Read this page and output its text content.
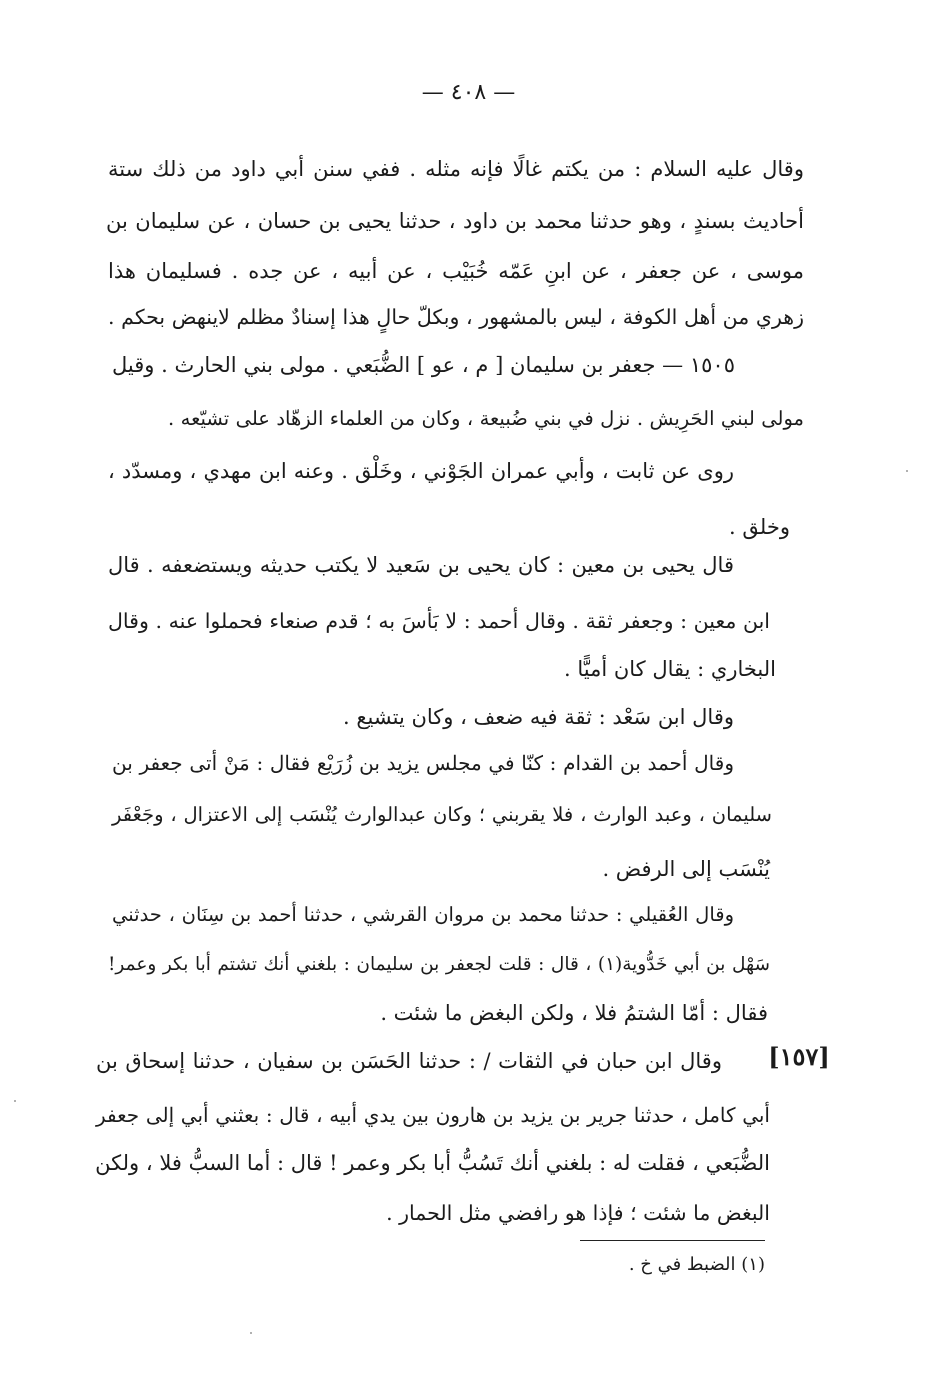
— ٤٠٨ —
وقال عليه السلام : من يكتم غالًا فإنه مثله . ففي سنن أبي داود من ذلك ستة
أحاديث بسندٍ ، وهو حدثنا محمد بن داود ، حدثنا يحيى بن حسان ، عن سليمان بن
موسى ، عن جعفر ، عن ابنِ عَمّه خُبَيْب ، عن أبيه ، عن جده . فسليمان هذا
زهري من أهل الكوفة ، ليس بالمشهور ، وبكلّ حالٍ هذا إسنادٌ مظلم لاينهض بحكم .
١٥٠٥ — جعفر بن سليمان [ م ، عو ] الضُّبَعي . مولى بني الحارث . وقيل
مولى لبني الحَرِيش . نزل في بني ضُبيعة ، وكان من العلماء الزهّاد على تشيّعه .
روى عن ثابت ، وأبي عمران الجَوْني ، وخَلْق . وعنه ابن مهدي ، ومسدّد ،
وخلق .
قال يحيى بن معين : كان يحيى بن سَعيد لا يكتب حديثه ويستضعفه . قال
ابن معين : وجعفر ثقة . وقال أحمد : لا بَأسَ به ؛ قدم صنعاء فحملوا عنه . وقال
البخاري : يقال كان أميًّا .
وقال ابن سَعْد : ثقة فيه ضعف ، وكان يتشيع .
وقال أحمد بن القدام : كنّا في مجلس يزيد بن زُرَيْع فقال : مَنْ أتى جعفر بن
سليمان ، وعبد الوارث ، فلا يقربني ؛ وكان عبدالوارث يُنْسَب إلى الاعتزال ، وجَعْفَر
يُنْسَب إلى الرفض .
وقال العُقيلي : حدثنا محمد بن مروان القرشي ، حدثنا أحمد بن سِنَان ، حدثني
سَهْل بن أبي خَدُّوية(١) ، قال : قلت لجعفر بن سليمان : بلغني أنك تشتم أبا بكر وعمر!
فقال : أمّا الشتمُ فلا ، ولكن البغض ما شئت .
[١٥٧]
وقال ابن حبان في الثقات / : حدثنا الحَسَن بن سفيان ، حدثنا إسحاق بن
أبي كامل ، حدثنا جرير بن يزيد بن هارون بين يدي أبيه ، قال : بعثني أبي إلى جعفر
الضُّبَعي ، فقلت له : بلغني أنك تَسُبُّ أبا بكر وعمر ! قال : أما السبُّ فلا ، ولكن
البغض ما شئت ؛ فإذا هو رافضي مثل الحمار .
(١) الضبط في خ .
